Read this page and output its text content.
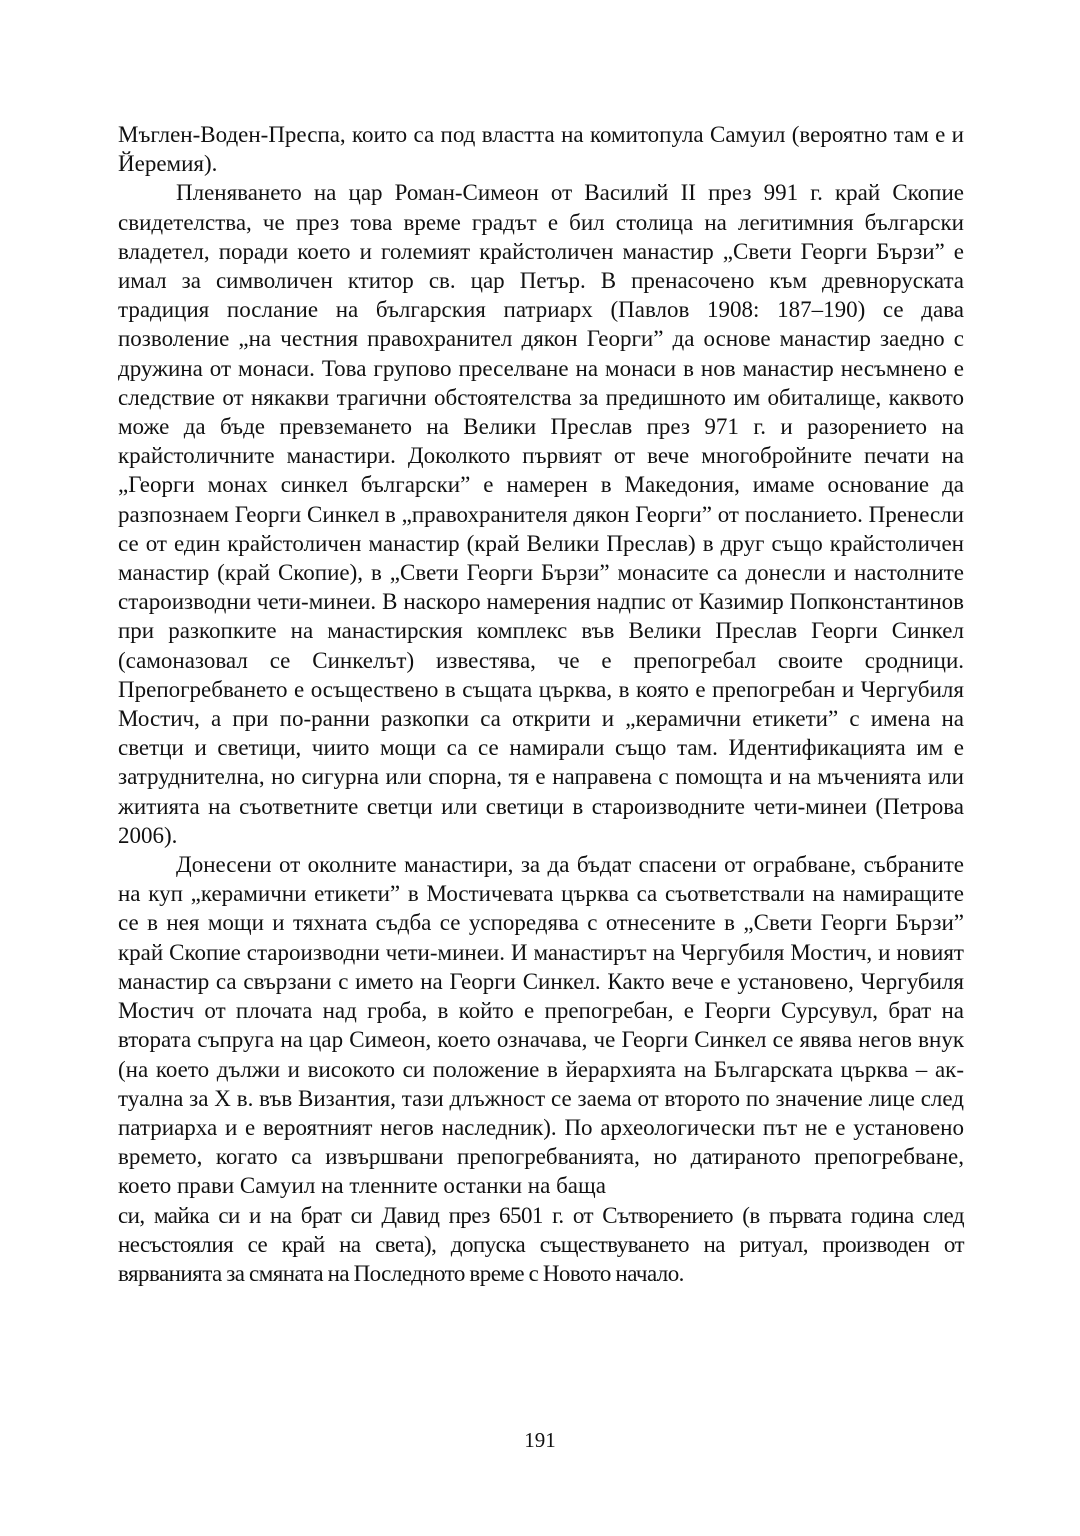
Мъглен-Воден-Преспа, които са под властта на комитопула Самуил (вероятно там е и Йеремия).

Пленяването на цар Роман-Симеон от Василий II през 991 г. край Скопие свидетелства, че през това време градът е бил столица на легитимния български владетел, поради което и големият крайстоличен манастир „Свети Георги Бързи” е имал за символичен ктитор св. цар Петър. В пренасочено към древноруската традиция послание на българския патриарх (Павлов 1908: 187–190) се дава позволение „на честния правохранител дякон Георги” да основе манастир заедно с дружина от монаси. Това групово преселване на монаси в нов манастир несъмнено е следствие от някакви трагични обстоятелства за предишното им обиталище, каквото може да бъде превземането на Велики Преслав през 971 г. и разорението на крайстоличните манастири. Доколкото първият от вече многобройните печати на „Георги монах синкел български” е намерен в Македония, имаме основание да разпознаем Георги Синкел в „правохранителя дякон Георги” от посланието. Пренесли се от един крайстоличен манастир (край Велики Преслав) в друг също крайстоличен манастир (край Скопие), в „Свети Георги Бързи” монасите са донесли и настолните староизводни чети-минеи. В наскоро намерения надпис от Казимир Попконстантинов при разкопките на манастирския комплекс във Велики Преслав Георги Синкел (самоназовал се Синкелът) известява, че е препогребал своите сродници. Препогребването е осъществено в същата църква, в която е препогребан и Чергубиля Мостич, а при по-ранни разкопки са открити и „керамични етикети” с имена на светци и светици, чиито мощи са се намирали също там. Идентификацията им е затруднителна, но сигурна или спорна, тя е направена с помощта и на мъченията или житията на съответните светци или светици в староизводните чети-минеи (Петрова 2006).

Донесени от околните манастири, за да бъдат спасени от ограбване, събраните на куп „керамични етикети” в Мостичевата църква са съответствали на намиращите се в нея мощи и тяхната съдба се успоредява с отнесените в „Свети Георги Бързи” край Скопие староизводни чети-минеи. И манастирът на Чергубиля Мостич, и новият манастир са свързани с името на Георги Синкел. Както вече е установено, Чергубиля Мостич от плочата над гроба, в който е препогребан, е Георги Сурсувул, брат на втората съпруга на цар Симеон, което означава, че Георги Синкел се явява негов внук (на което дължи и високото си положение в йерархията на Българската църква – актуална за X в. във Византия, тази длъжност се заема от второто по значение лице след патриарха и е вероятният негов наследник). По археологически път не е установено времето, когато са извършвани препогребванията, но датираното препогребване, което прави Самуил на тленните останки на баща

си, майка си и на брат си Давид през 6501 г. от Сътворението (в първата година след несъстоялия се край на света), допуска съществуването на ритуал, производен от вярванията за смяната на Последното време с Новото начало.

191
